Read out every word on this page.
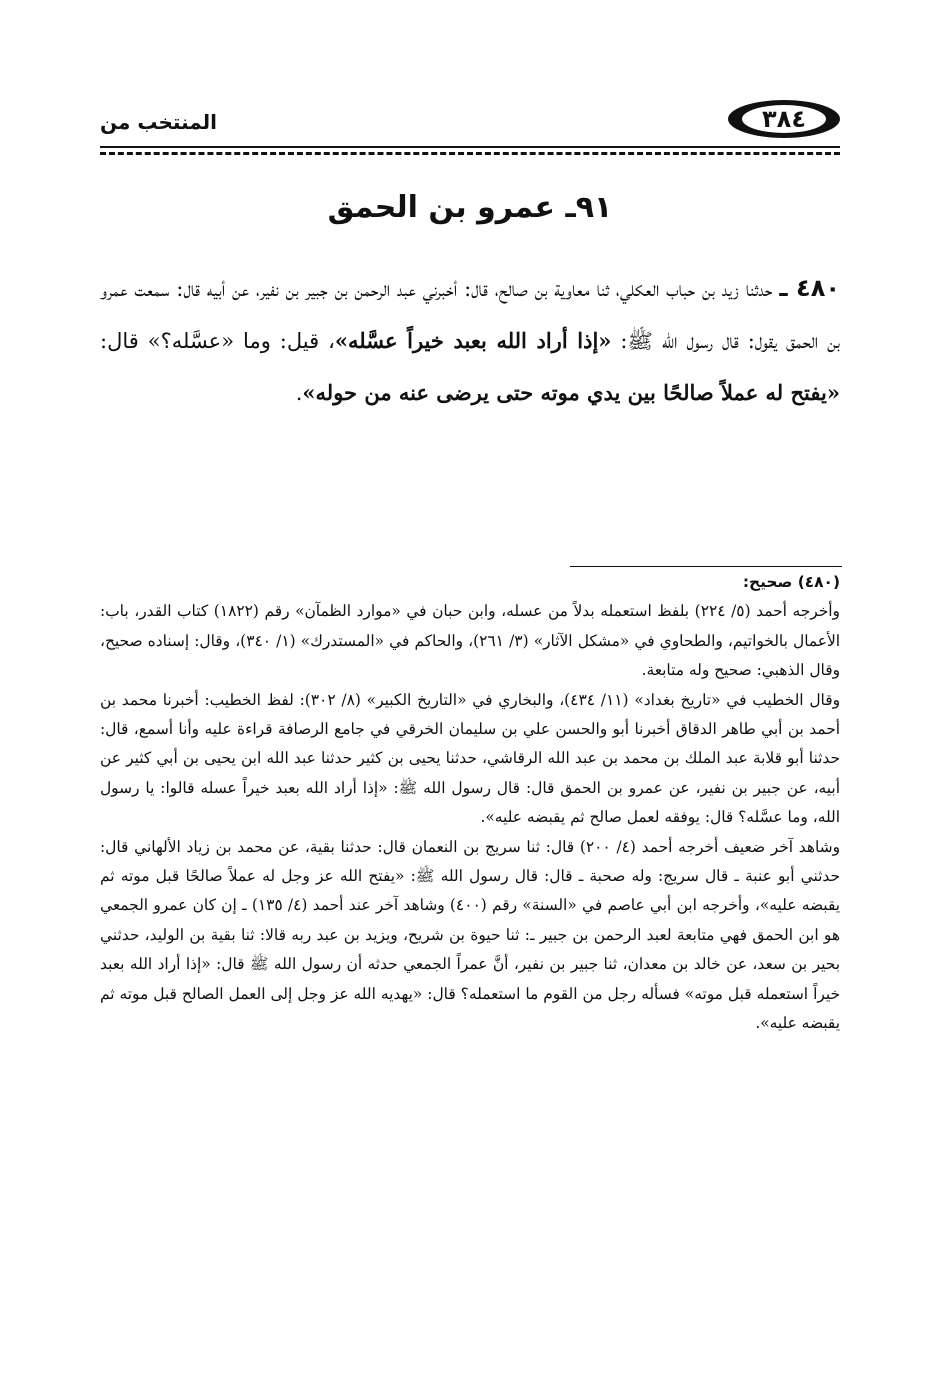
٣٨٤
المنتخب من
٩١ـ عمرو بن الحمق
٤٨٠ ـ حدثنا زيد بن حباب العكلي، ثنا معاوية بن صالح، قال: أخبرني عبد الرحمن بن جبير بن نفير، عن أبيه قال: سمعت عمرو بن الحمق يقول: قال رسول الله ﷺ: «إذا أراد الله بعبد خيراً عسَّله»، قيل: وما «عسَّله؟» قال: «يفتح له عملاً صالحًا بين يدي موته حتى يرضى عنه من حوله».

(٤٨٠) صحيح:

وأخرجه أحمد (٥/ ٢٢٤) بلفظ استعمله بدلاً من عسله، وابن حبان في «موارد الظمآن» رقم (١٨٢٢) كتاب القدر، باب: الأعمال بالخواتيم، والطحاوي في «مشكل الآثار» (٣/ ٢٦١)، والحاكم في «المستدرك» (١/ ٣٤٠)، وقال: إسناده صحيح، وقال الذهبي: صحيح وله متابعة.

وقال الخطيب في «تاريخ بغداد» (١١/ ٤٣٤)، والبخاري في «التاريخ الكبير» (٨/ ٣٠٢): لفظ الخطيب: أخبرنا محمد بن أحمد بن أبي طاهر الدقاق أخبرنا أبو والحسن علي بن سليمان الخرقي في جامع الرصافة قراءة عليه وأنا أسمع، قال: حدثنا أبو قلابة عبد الملك بن محمد بن عبد الله الرقاشي، حدثنا يحيى بن كثير حدثنا عبد الله ابن يحيى بن أبي كثير عن أبيه، عن جبير بن نفير، عن عمرو بن الحمق قال: قال رسول الله ﷺ: «إذا أراد الله بعبد خيراً عسله قالوا: يا رسول الله، وما عسَّله؟ قال: يوفقه لعمل صالح ثم يقبضه عليه».

وشاهد آخر ضعيف أخرجه أحمد (٤/ ٢٠٠) قال: ثنا سريج بن النعمان قال: حدثنا بقية، عن محمد بن زياد الألهاني قال: حدثني أبو عنبة ـ قال سريج: وله صحبة ـ قال: قال رسول الله ﷺ: «يفتح الله عز وجل له عملاً صالحًا قبل موته ثم يقبضه عليه»، وأخرجه ابن أبي عاصم في «السنة» رقم (٤٠٠) وشاهد آخر عند أحمد (٤/ ١٣٥) ـ إن كان عمرو الجمعي هو ابن الحمق فهي متابعة لعبد الرحمن بن جبير ـ: ثنا حيوة بن شريح، ويزيد بن عبد ربه قالا: ثنا بقية بن الوليد، حدثني بحير بن سعد، عن خالد بن معدان، ثنا جبير بن نفير، أنَّ عمراً الجمعي حدثه أن رسول الله ﷺ قال: «إذا أراد الله بعبد خيراً استعمله قبل موته» فسأله رجل من القوم ما استعمله؟ قال: «يهديه الله عز وجل إلى العمل الصالح قبل موته ثم يقبضه عليه».
